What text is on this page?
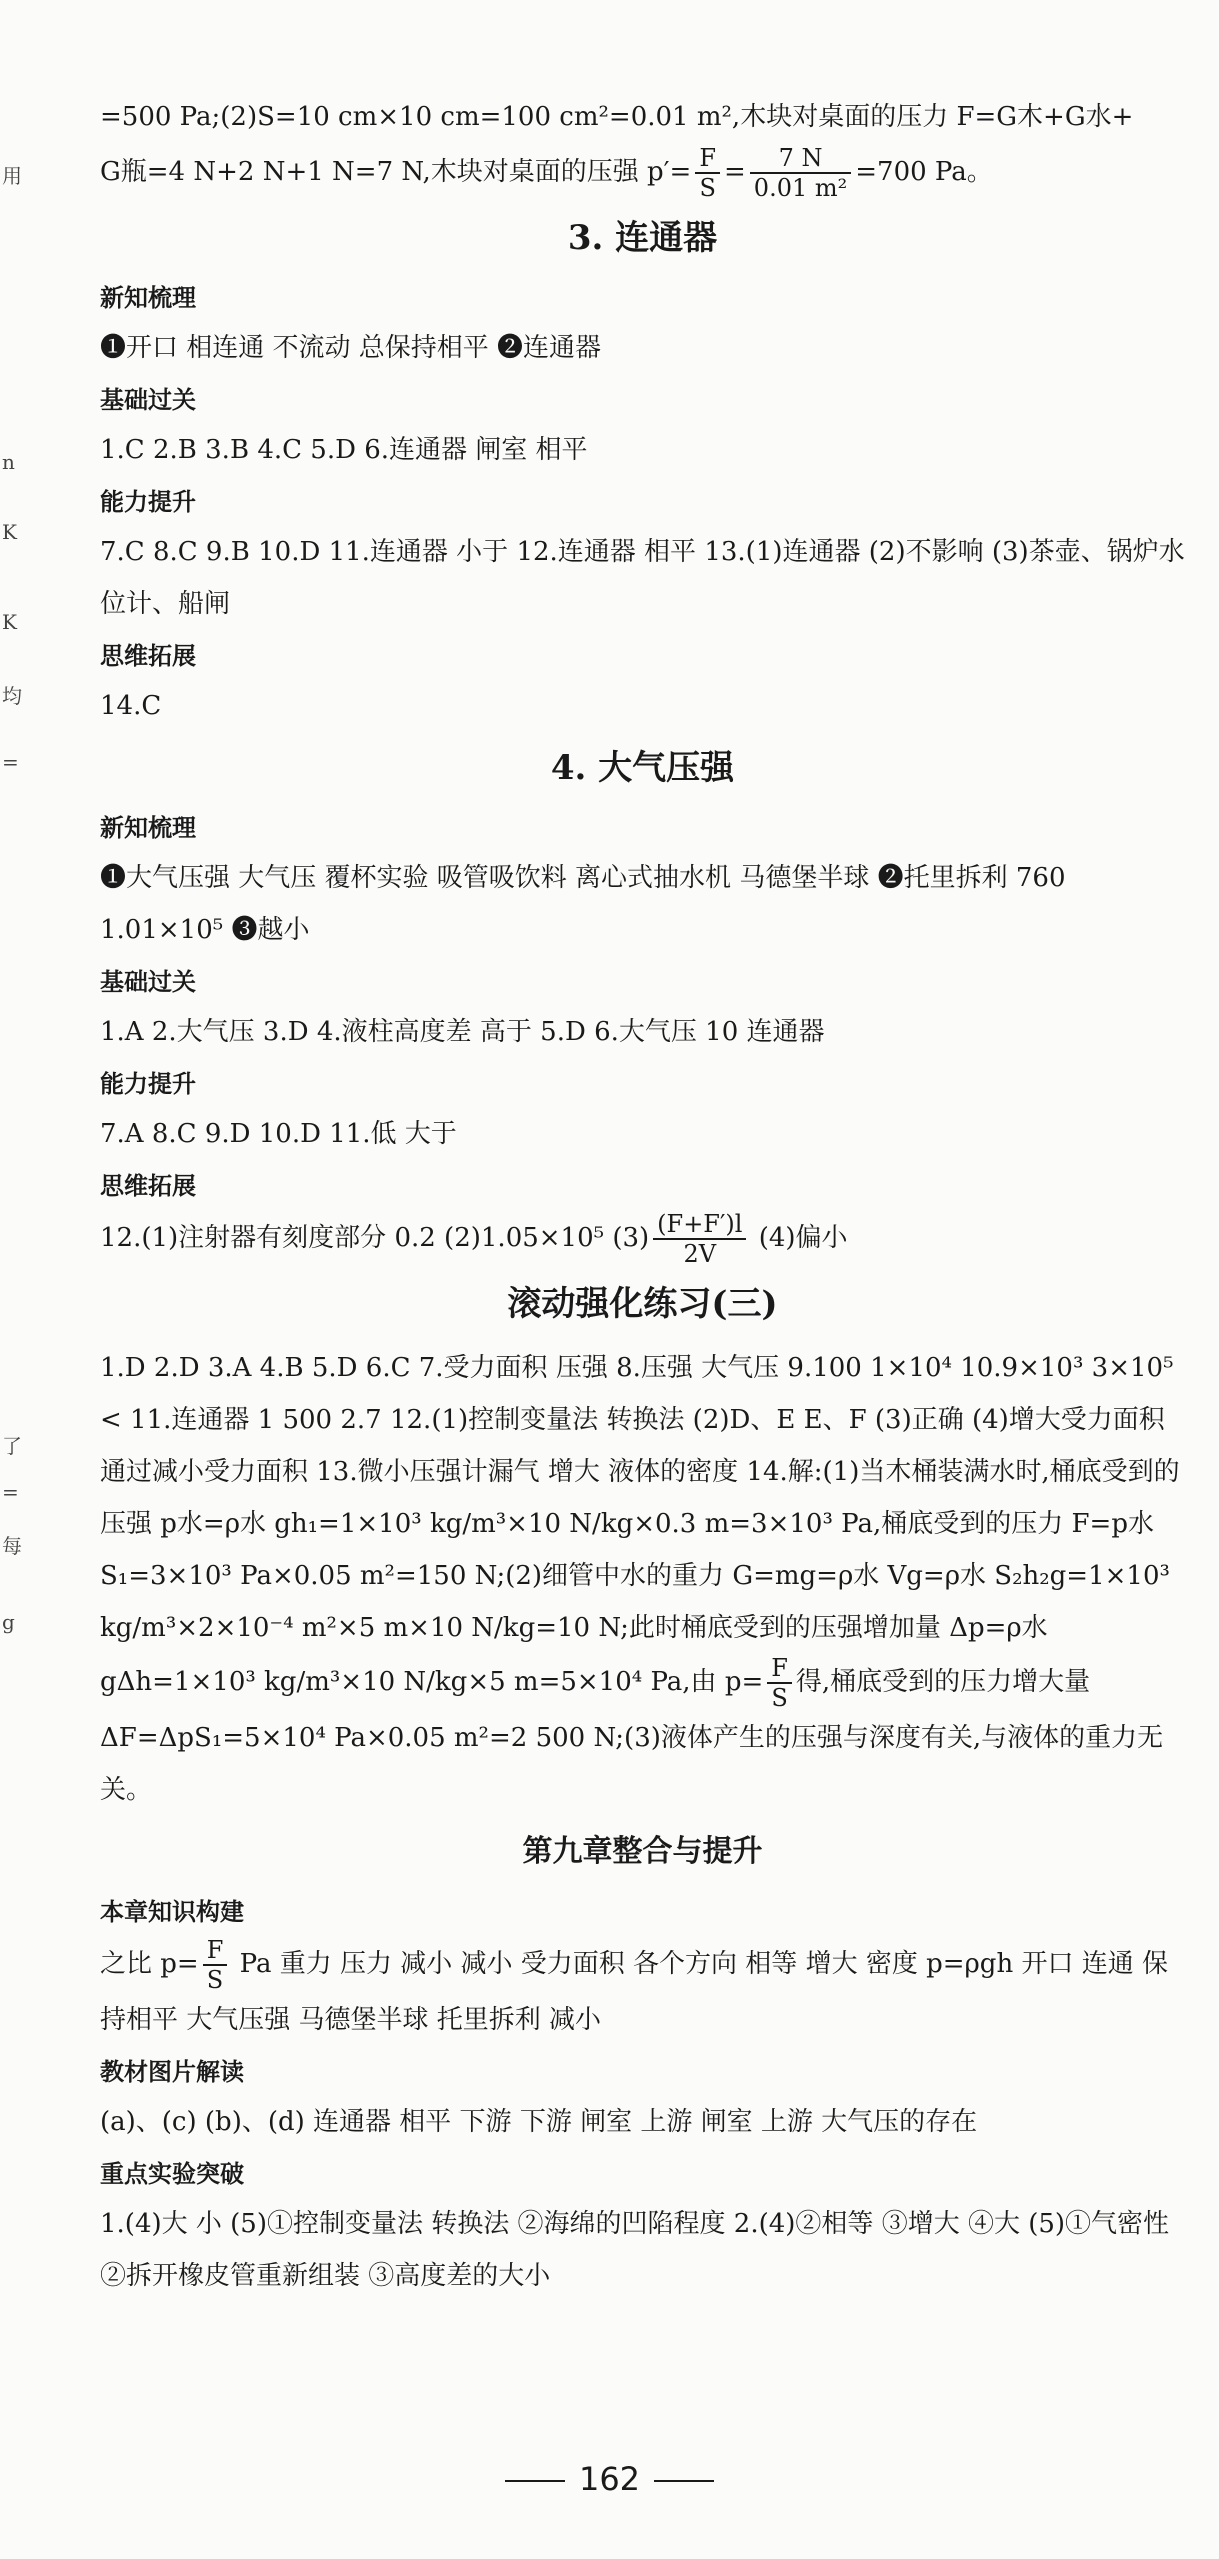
用
n
K
K
均
=
了
=
每
g

=500 Pa;(2)S=10 cm×10 cm=100 cm²=0.01 m²,木块对桌面的压力 F=G木+G水+

G瓶=4 N+2 N+1 N=7 N,木块对桌面的压强 $p'= \frac{F}{S} = \frac{7 N}{\text{0.01 m²}} =700$ Pa。

3. 连通器
新知梳理

❶开口 相连通 不流动 总保持相平 ❷连通器

基础过关

1.C 2.B 3.B 4.C 5.D 6.连通器 闸室 相平

能力提升

7.C 8.C 9.B 10.D 11.连通器 小于 12.连通器 相平 13.(1)连通器 (2)不影响 (3)茶壶、锅炉水位计、船闸

思维拓展

14.C

4. 大气压强
新知梳理

❶大气压强 大气压 覆杯实验 吸管吸饮料 离心式抽水机 马德堡半球 ❷托里拆利 760 1.01×10⁵ ❸越小

基础过关

1.A 2.大气压 3.D 4.液柱高度差 高于 5.D 6.大气压 10 连通器

能力提升

7.A 8.C 9.D 10.D 11.低 大于

思维拓展

12.(1)注射器有刻度部分 0.2 (2)1.05×10⁵ $(3) \frac{(F+F')l}{2V} (4)$偏小

滚动强化练习(三)

1.D 2.D 3.A 4.B 5.D 6.C 7.受力面积 压强 8.压强 大气压 9.100 1×10⁴ 10.9×10³ 3×10⁵ < 11.连通器 1 500 2.7 12.(1)控制变量法 转换法 (2)D、E E、F (3)正确 (4)增大受力面积 通过减小受力面积 13.微小压强计漏气 增大 液体的密度 14.解:(1)当木桶装满水时,桶底受到的压强 p水=ρ水 gh₁=1×10³ kg/m³×10 N/kg×0.3 m=3×10³ Pa,桶底受到的压力 F=p水 S₁=3×10³ Pa×0.05 m²=150 N;(2)细管中水的重力 G=mg=ρ水 Vg=ρ水 S₂h₂g=1×10³ kg/m³×2×10⁻⁴ m²×5 m×10 N/kg=10 N;此时桶底受到的压强增加量 Δp=ρ水 gΔh=1×10³ kg/m³×10 N/kg×5 m=5×10⁴ Pa,由 $p= \frac{F}{S}$ 得,桶底受到的压力增大量 ΔF=ΔpS₁=5×10⁴ Pa×0.05 m²=2 500 N;(3)液体产生的压强与深度有关,与液体的重力无关。

第九章整合与提升
本章知识构建

之比 $p= \frac{F}{S}$ Pa 重力 压力 减小 减小 受力面积 各个方向 相等 增大 密度 p=ρgh 开口 连通 保持相平 大气压强 马德堡半球 托里拆利 减小

教材图片解读

(a)、(c) (b)、(d) 连通器 相平 下游 下游 闸室 上游 闸室 上游 大气压的存在

重点实验突破

1.(4)大 小 (5)①控制变量法 转换法 ②海绵的凹陷程度 2.(4)②相等 ③增大 ④大 (5)①气密性 ②拆开橡皮管重新组装 ③高度差的大小

162
